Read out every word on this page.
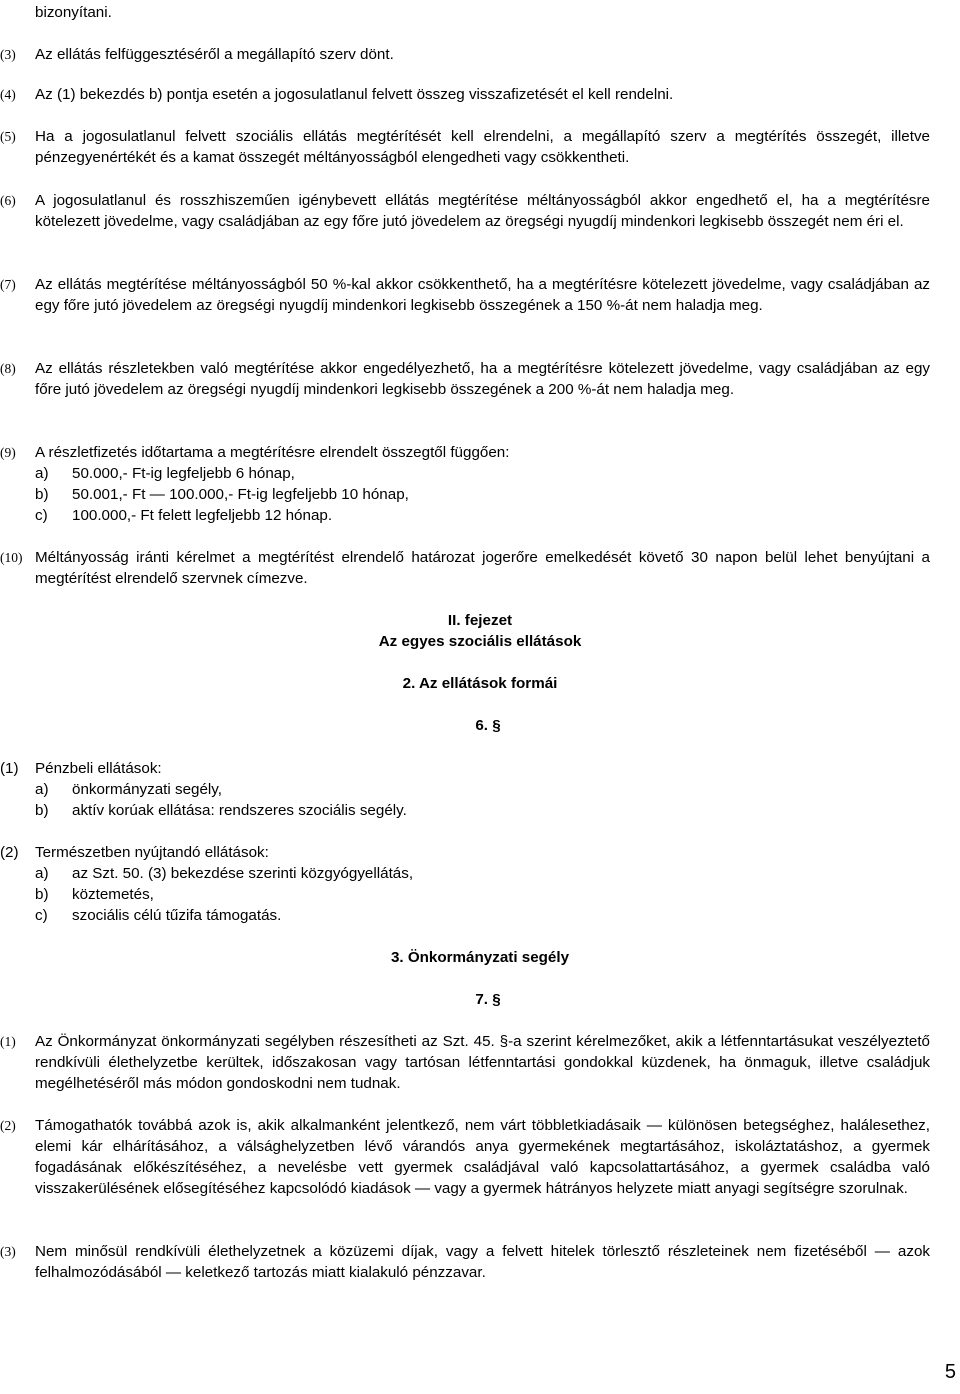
bizonyítani.
(3) Az ellátás felfüggesztéséről a megállapító szerv dönt.
(4) Az (1) bekezdés b) pontja esetén a jogosulatlanul felvett összeg visszafizetését el kell rendelni.
(5) Ha a jogosulatlanul felvett szociális ellátás megtérítését kell elrendelni, a megállapító szerv a megtérítés összegét, illetve pénzegyenértékét és a kamat összegét méltányosságból elengedheti vagy csökkentheti.
(6) A jogosulatlanul és rosszhiszeműen igénybevett ellátás megtérítése méltányosságból akkor engedhető el, ha a megtérítésre kötelezett jövedelme, vagy családjában az egy főre jutó jövedelem az öregségi nyugdíj mindenkori legkisebb összegét nem éri el.
(7) Az ellátás megtérítése méltányosságból 50 %-kal akkor csökkenthető, ha a megtérítésre kötelezett jövedelme, vagy családjában az egy főre jutó jövedelem az öregségi nyugdíj mindenkori legkisebb összegének a 150 %-át nem haladja meg.
(8) Az ellátás részletekben való megtérítése akkor engedélyezhető, ha a megtérítésre kötelezett jövedelme, vagy családjában az egy főre jutó jövedelem az öregségi nyugdíj mindenkori legkisebb összegének a 200 %-át nem haladja meg.
(9) A részletfizetés időtartama a megtérítésre elrendelt összegtől függően:
a)	50.000,- Ft-ig legfeljebb 6 hónap,
b)	50.001,- Ft — 100.000,- Ft-ig legfeljebb 10 hónap,
c)	100.000,- Ft felett legfeljebb 12 hónap.
(10) Méltányosság iránti kérelmet a megtérítést elrendelő határozat jogerőre emelkedését követő 30 napon belül lehet benyújtani a megtérítést elrendelő szervnek címezve.
II. fejezet
Az egyes szociális ellátások
2. Az ellátások formái
6. §
(1)	Pénzbeli ellátások:
a)	önkormányzati segély,
b)	aktív korúak ellátása: rendszeres szociális segély.
(2)	Természetben nyújtandó ellátások:
a)	az Szt. 50. (3) bekezdése szerinti közgyógyellátás,
b)	köztemetés,
c)	szociális célú tűzifa támogatás.
3. Önkormányzati segély
7. §
(1) Az Önkormányzat önkormányzati segélyben részesítheti az Szt. 45. §-a szerint kérelmezőket, akik a létfenntartásukat veszélyeztető rendkívüli élethelyzetbe kerültek, időszakosan vagy tartósan létfenntartási gondokkal küzdenek, ha önmaguk, illetve családjuk megélhetéséről más módon gondoskodni nem tudnak.
(2) Támogathatók továbbá azok is, akik alkalmanként jelentkező, nem várt többletkiadásaik — különösen betegséghez, halálesethez, elemi kár elhárításához, a válsághelyzetben lévő várandós anya gyermekének megtartásához, iskoláztatáshoz, a gyermek fogadásának előkészítéséhez, a nevelésbe vett gyermek családjával való kapcsolattartásához, a gyermek családba való visszakerülésének elősegítéséhez kapcsolódó kiadások — vagy a gyermek hátrányos helyzete miatt anyagi segítségre szorulnak.
(3) Nem minősül rendkívüli élethelyzetnek a közüzemi díjak, vagy a felvett hitelek törlesztő részleteinek nem fizetéséből — azok felhalmozódásából — keletkező tartozás miatt kialakuló pénzzavar.
5
